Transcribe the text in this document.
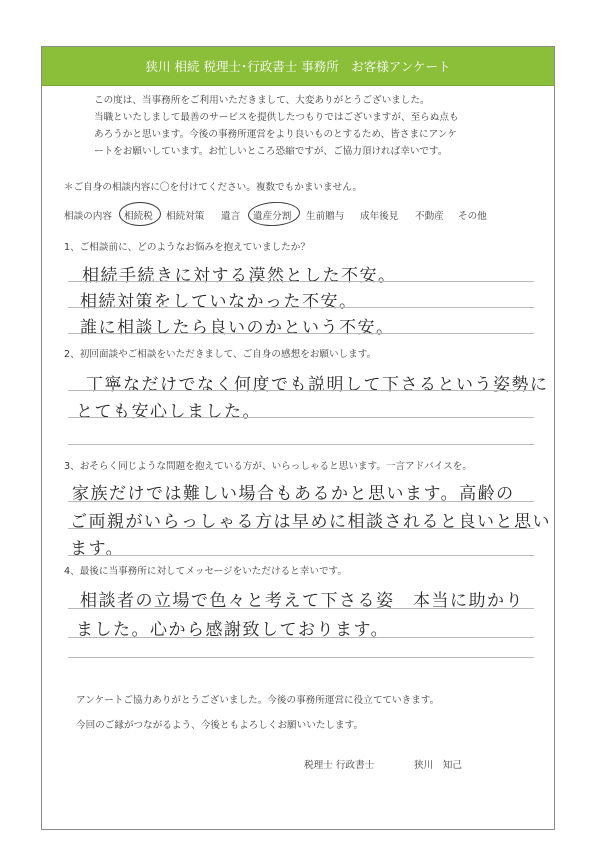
狭川 相続 税理士･行政書士 事務所　お客様アンケート
この度は、当事務所をご利用いただきまして、大変ありがとうございました。
当職といたしまして最善のサービスを提供したつもりではございますが、至らぬ点も
あろうかと思います。今後の事務所運営をより良いものとするため、皆さまにアンケ
ートをお願いしています。お忙しいところ恐縮ですが、ご協力頂ければ幸いです。
＊ご自身の相談内容に〇を付けてください。複数でもかまいません。
相談の内容 相続税 相続対策 遺言 遺産分割 生前贈与 成年後見 不動産 その他
1、ご相談前に、どのようなお悩みを抱えていましたか？
相続手続きに対する漠然とした不安。
相続対策をしていなかった不安。
誰に相談したら良いのかという不安。
2、初回面談やご相談をいただきまして、ご自身の感想をお願いします。
丁寧なだけでなく何度でも説明して下さるという姿勢に
とても安心しました。
3、おそらく同じような問題を抱えている方が、いらっしゃると思います。一言アドバイスを。
家族だけでは難しい場合もあるかと思います。高齢の
ご両親がいらっしゃる方は早めに相談されると良いと思い
ます。
4、最後に当事務所に対してメッセージをいただけると幸いです。
相談者の立場で色々と考えて下さる姿　本当に助かり
ました。心から感謝致しております。
アンケートご協力ありがとうございました。今後の事務所運営に役立てていきます。
今回のご縁がつながるよう、今後ともよろしくお願いいたします。
税理士 行政書士	狭川　知己
